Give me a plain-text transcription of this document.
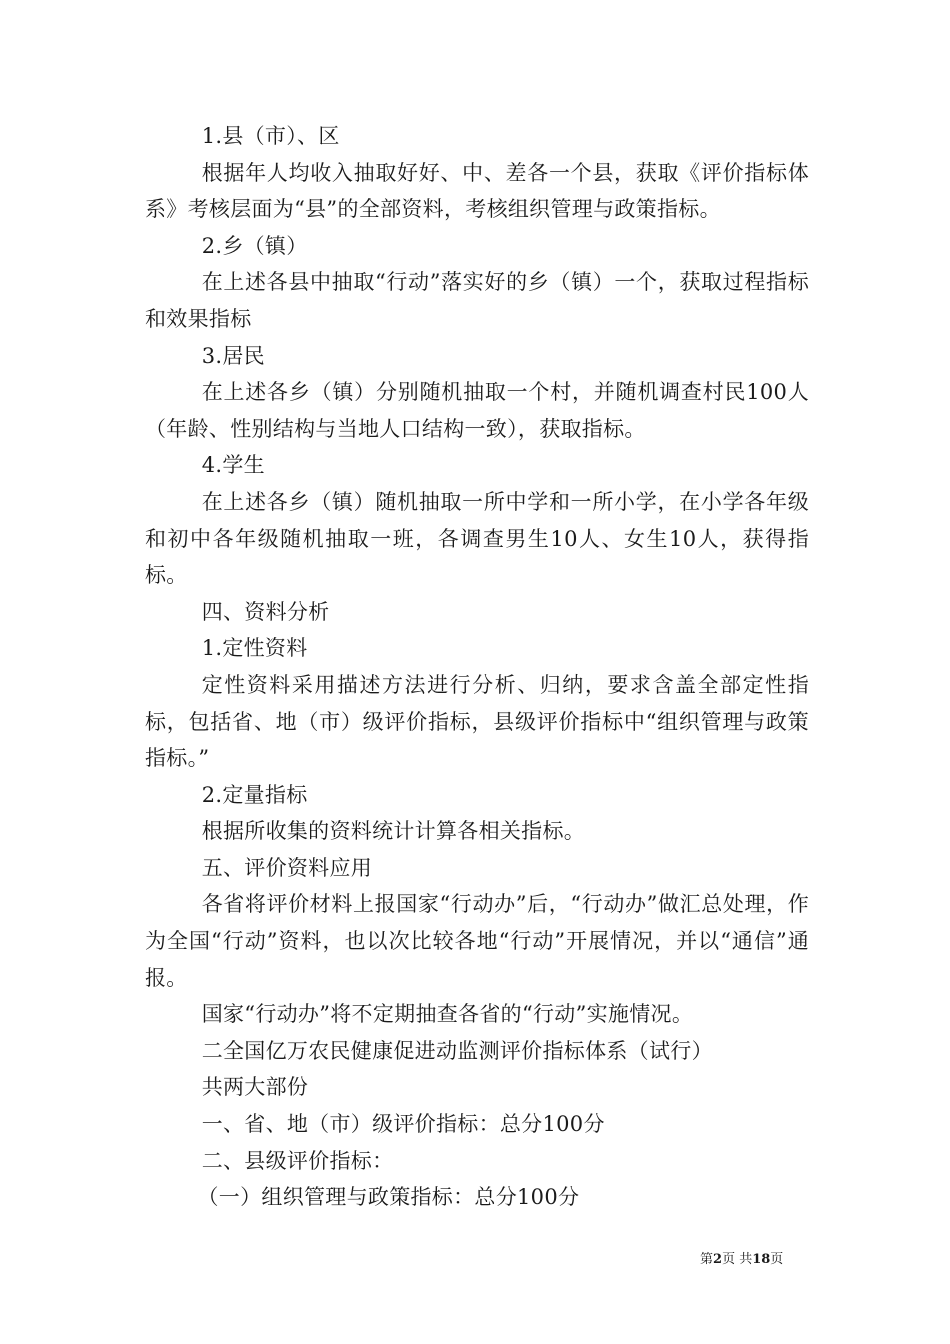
1.县（市）、区

根据年人均收入抽取好好、中、差各一个县，获取《评价指标体系》考核层面为“县”的全部资料，考核组织管理与政策指标。

2.乡（镇）

在上述各县中抽取“行动”落实好的乡（镇）一个，获取过程指标和效果指标

3.居民

在上述各乡（镇）分别随机抽取一个村，并随机调查村民100人（年龄、性别结构与当地人口结构一致），获取指标。

4.学生

在上述各乡（镇）随机抽取一所中学和一所小学，在小学各年级和初中各年级随机抽取一班，各调查男生10人、女生10人，获得指标。

四、资料分析

1.定性资料

定性资料采用描述方法进行分析、归纳，要求含盖全部定性指标，包括省、地（市）级评价指标，县级评价指标中“组织管理与政策指标。”

2.定量指标

根据所收集的资料统计计算各相关指标。

五、评价资料应用

各省将评价材料上报国家“行动办”后，“行动办”做汇总处理，作为全国“行动”资料，也以次比较各地“行动”开展情况，并以“通信”通报。

国家“行动办”将不定期抽查各省的“行动”实施情况。

二全国亿万农民健康促进动监测评价指标体系（试行）

共两大部份

一、省、地（市）级评价指标：总分100分

二、县级评价指标：

（一）组织管理与政策指标：总分100分

第2页 共18页
